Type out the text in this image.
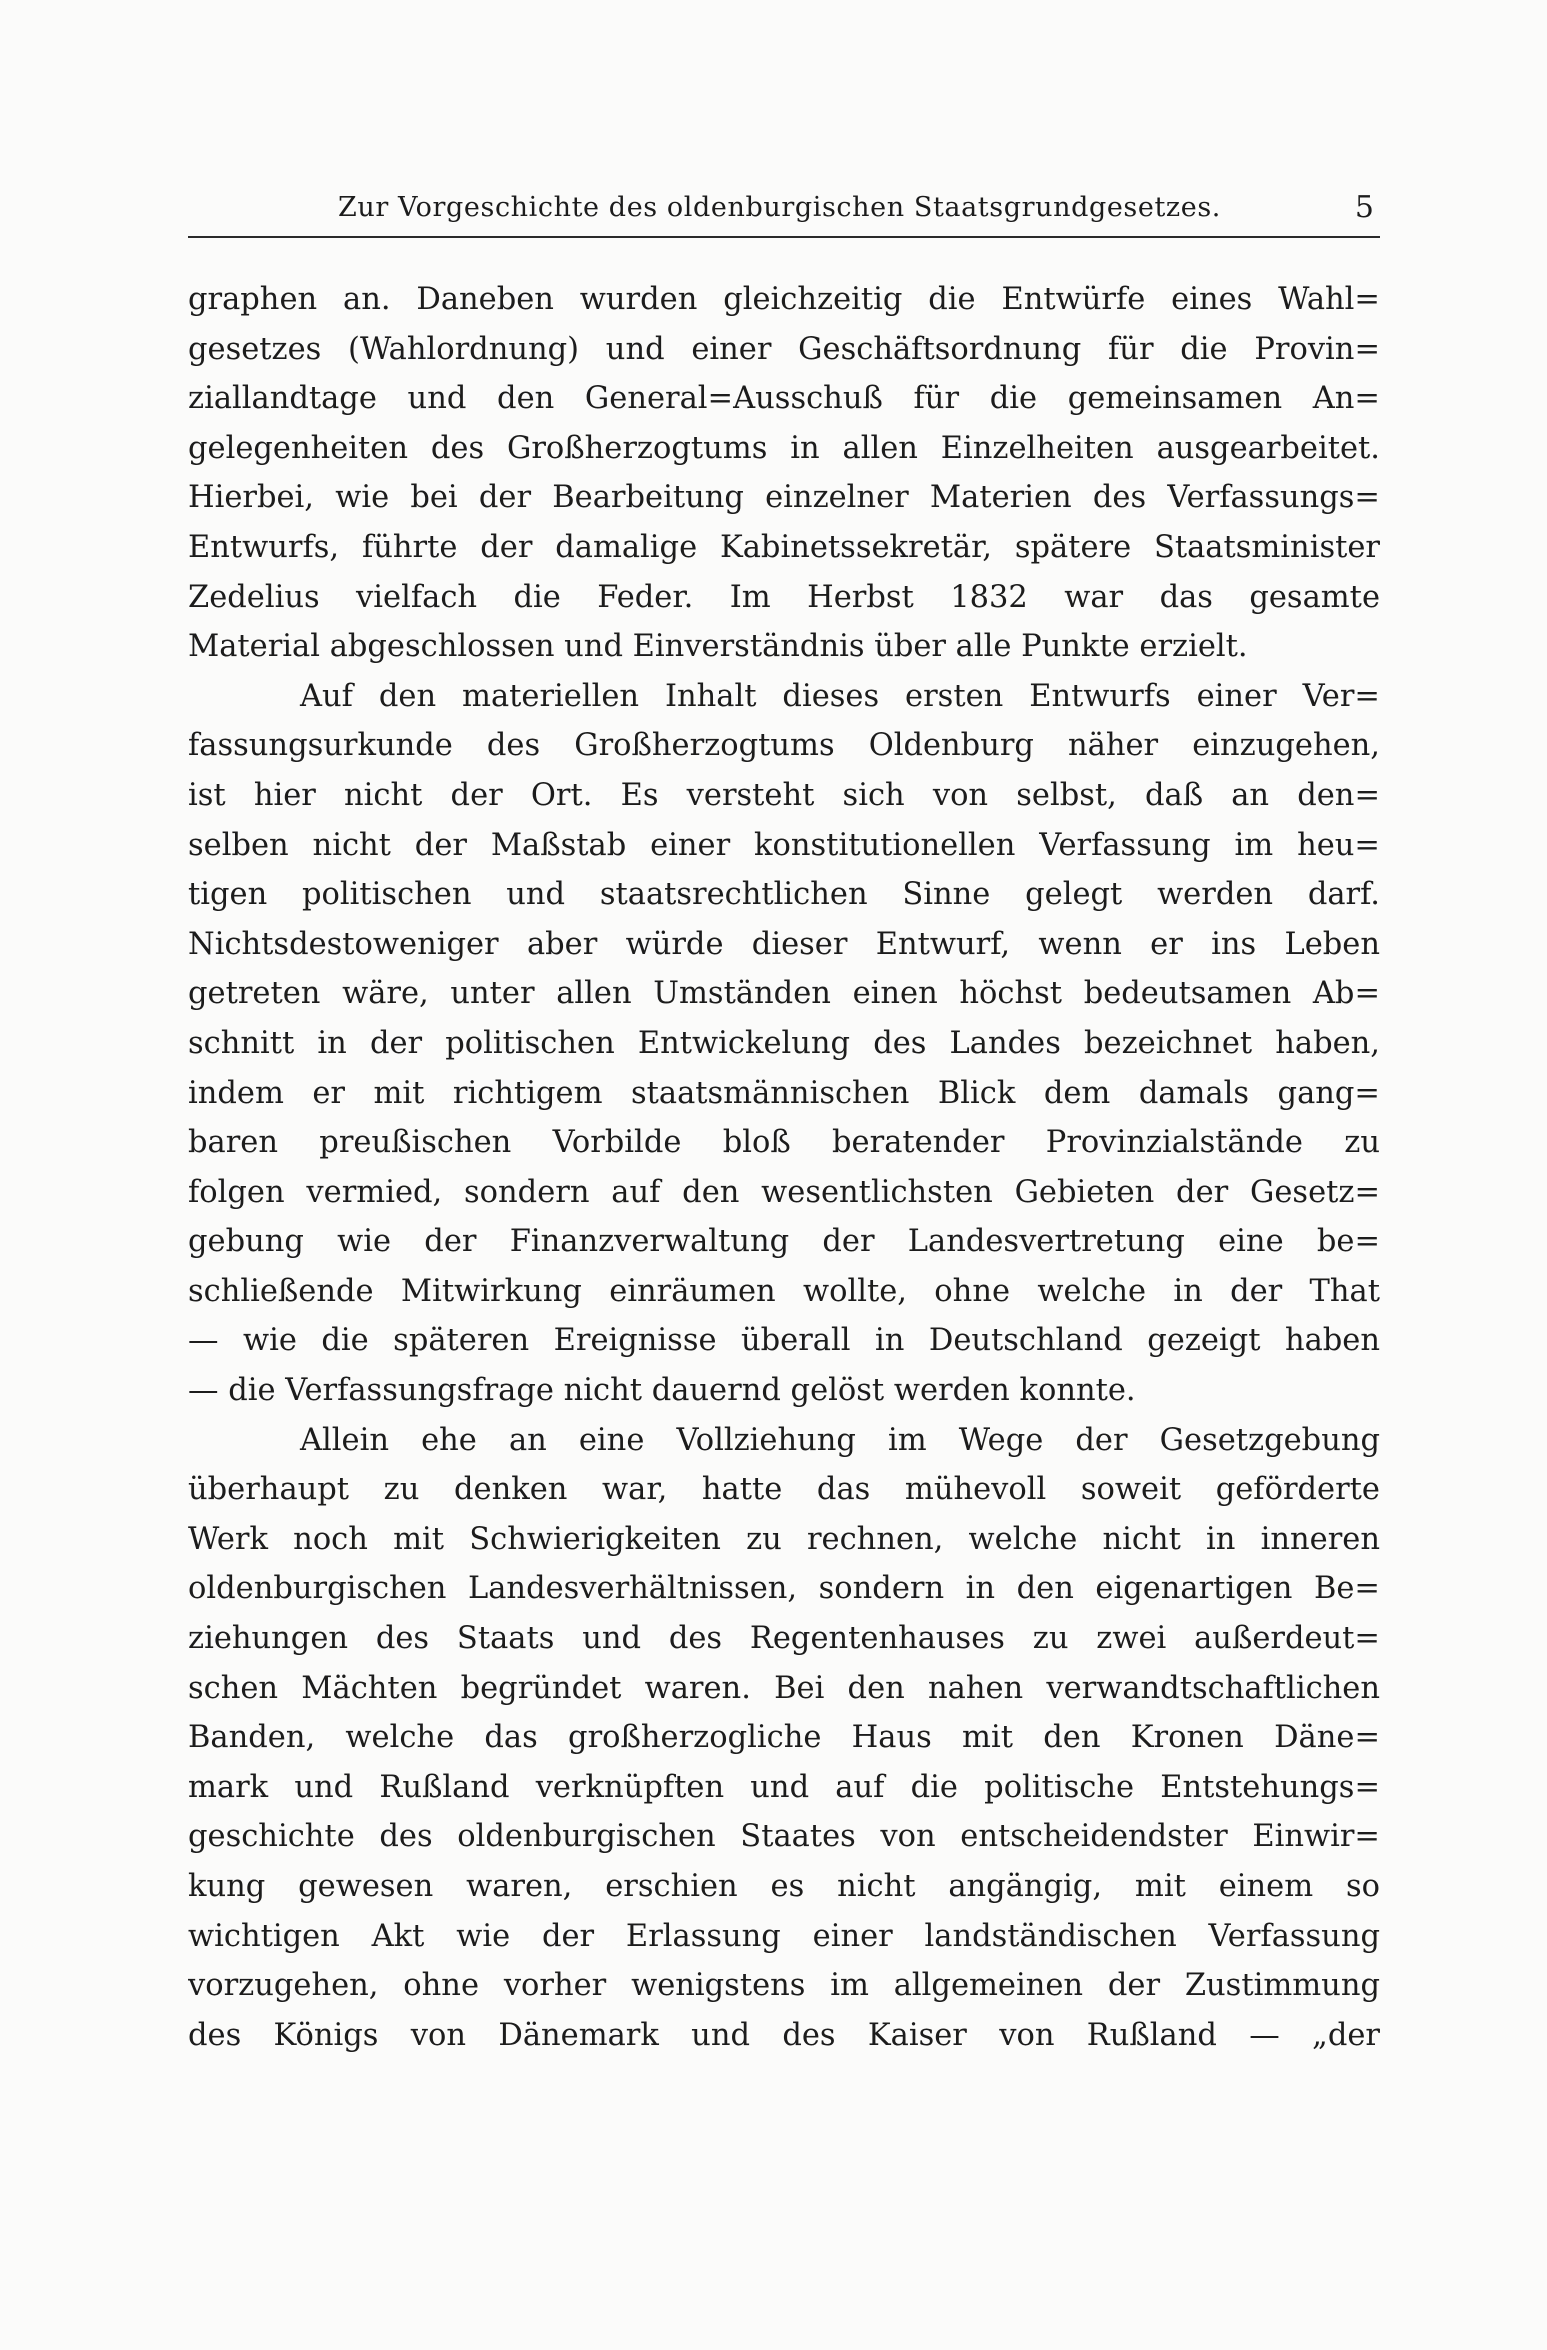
Zur Vorgeschichte des oldenburgischen Staatsgrundgesetzes.	5
graphen an. Daneben wurden gleichzeitig die Entwürfe eines Wahl=
gesetzes (Wahlordnung) und einer Geschäftsordnung für die Provin=
ziallandtage und den General=Ausschuß für die gemeinsamen An=
gelegenheiten des Großherzogtums in allen Einzelheiten ausgearbeitet.
Hierbei, wie bei der Bearbeitung einzelner Materien des Verfassungs=
Entwurfs, führte der damalige Kabinetssekretär, spätere Staatsminister
Zedelius vielfach die Feder. Im Herbst 1832 war das gesamte
Material abgeschlossen und Einverständnis über alle Punkte erzielt.
Auf den materiellen Inhalt dieses ersten Entwurfs einer Ver=
fassungsurkunde des Großherzogtums Oldenburg näher einzugehen,
ist hier nicht der Ort. Es versteht sich von selbst, daß an den=
selben nicht der Maßstab einer konstitutionellen Verfassung im heu=
tigen politischen und staatsrechtlichen Sinne gelegt werden darf.
Nichtsdestoweniger aber würde dieser Entwurf, wenn er ins Leben
getreten wäre, unter allen Umständen einen höchst bedeutsamen Ab=
schnitt in der politischen Entwickelung des Landes bezeichnet haben,
indem er mit richtigem staatsmännischen Blick dem damals gang=
baren preußischen Vorbilde bloß beratender Provinzialstände zu
folgen vermied, sondern auf den wesentlichsten Gebieten der Gesetz=
gebung wie der Finanzverwaltung der Landesvertretung eine be=
schließende Mitwirkung einräumen wollte, ohne welche in der That
— wie die späteren Ereignisse überall in Deutschland gezeigt haben
— die Verfassungsfrage nicht dauernd gelöst werden konnte.
Allein ehe an eine Vollziehung im Wege der Gesetzgebung
überhaupt zu denken war, hatte das mühevoll soweit geförderte
Werk noch mit Schwierigkeiten zu rechnen, welche nicht in inneren
oldenburgischen Landesverhältnissen, sondern in den eigenartigen Be=
ziehungen des Staats und des Regentenhauses zu zwei außerdeut=
schen Mächten begründet waren. Bei den nahen verwandtschaftlichen
Banden, welche das großherzogliche Haus mit den Kronen Däne=
mark und Rußland verknüpften und auf die politische Entstehungs=
geschichte des oldenburgischen Staates von entscheidendster Einwir=
kung gewesen waren, erschien es nicht angängig, mit einem so
wichtigen Akt wie der Erlassung einer landständischen Verfassung
vorzugehen, ohne vorher wenigstens im allgemeinen der Zustimmung
des Königs von Dänemark und des Kaiser von Rußland — „der
